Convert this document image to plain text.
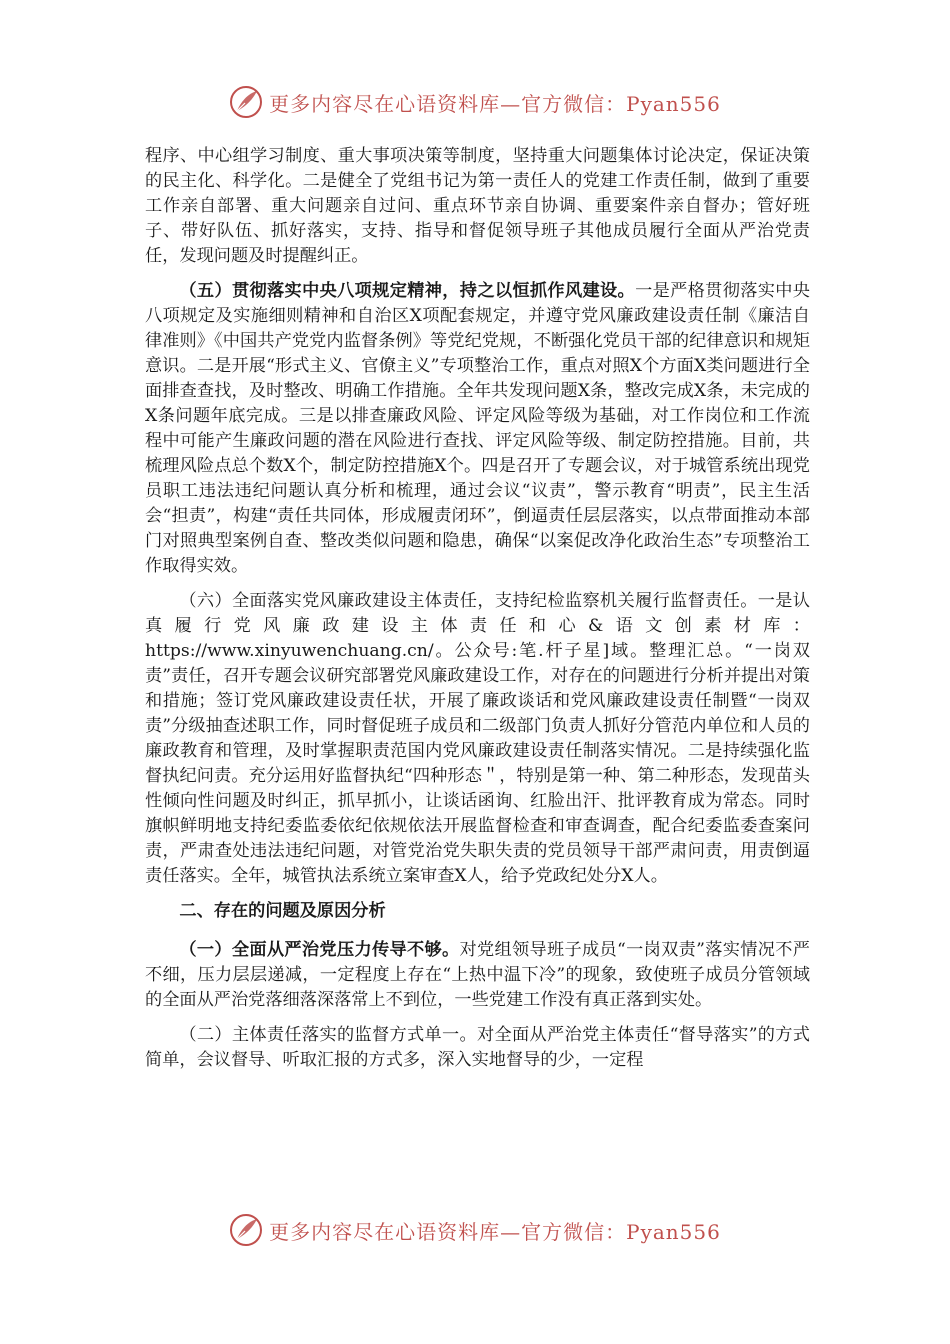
更多内容尽在心语资料库—官方微信：Pyan556

程序、中心组学习制度、重大事项决策等制度，坚持重大问题集体讨论决定，保证决策的民主化、科学化。二是健全了党组书记为第一责任人的党建工作责任制，做到了重要工作亲自部署、重大问题亲自过问、重点环节亲自协调、重要案件亲自督办；管好班子、带好队伍、抓好落实，支持、指导和督促领导班子其他成员履行全面从严治党责任，发现问题及时提醒纠正。

（五）贯彻落实中央八项规定精神，持之以恒抓作风建设。一是严格贯彻落实中央八项规定及实施细则精神和自治区X项配套规定，并遵守党风廉政建设责任制《廉洁自律准则》《中国共产党党内监督条例》等党纪党规，不断强化党员干部的纪律意识和规矩意识。二是开展“形式主义、官僚主义”专项整治工作，重点对照X个方面X类问题进行全面排查查找，及时整改、明确工作措施。全年共发现问题X条，整改完成X条，未完成的X条问题年底完成。三是以排查廉政风险、评定风险等级为基础，对工作岗位和工作流程中可能产生廉政问题的潜在风险进行查找、评定风险等级、制定防控措施。目前，共梳理风险点总个数X个，制定防控措施X个。四是召开了专题会议，对于城管系统出现党员职工违法违纪问题认真分析和梳理，通过会议“议责”，警示教育“明责”，民主生活会“担责”，构建“责任共同体，形成履责闭环”，倒逼责任层层落实，以点带面推动本部门对照典型案例自查、整改类似问题和隐患，确保“以案促改净化政治生态”专项整治工作取得实效。

（六）全面落实党风廉政建设主体责任，支持纪检监察机关履行监督责任。一是认真履行党风廉政建设主体责任和心&语文创素材库：https://www.xinyuwenchuang.cn/。公众号:笔.杆子星]域。整理汇总。“一岗双责”责任，召开专题会议研究部署党风廉政建设工作，对存在的问题进行分析并提出对策和措施；签订党风廉政建设责任状，开展了廉政谈话和党风廉政建设责任制暨“一岗双责”分级抽查述职工作，同时督促班子成员和二级部门负责人抓好分管范内单位和人员的廉政教育和管理，及时掌握职责范国内党风廉政建设责任制落实情况。二是持续强化监督执纪问责。充分运用好监督执纪“四种形态＂，特别是第一种、第二种形态，发现苗头性倾向性问题及时纠正，抓早抓小，让谈话函询、红脸出汗、批评教育成为常态。同时旗帜鲜明地支持纪委监委依纪依规依法开展监督检查和审查调查，配合纪委监委查案问责，严肃查处违法违纪问题，对管党治党失职失责的党员领导干部严肃问责，用责倒逼责任落实。全年，城管执法系统立案审查X人，给予党政纪处分X人。

二、存在的问题及原因分析

（一）全面从严治党压力传导不够。对党组领导班子成员“一岗双责”落实情况不严不细，压力层层递减，一定程度上存在“上热中温下冷”的现象，致使班子成员分管领域的全面从严治党落细落深落常上不到位，一些党建工作没有真正落到实处。

（二）主体责任落实的监督方式单一。对全面从严治党主体责任“督导落实”的方式简单，会议督导、听取汇报的方式多，深入实地督导的少，一定程

更多内容尽在心语资料库—官方微信：Pyan556
